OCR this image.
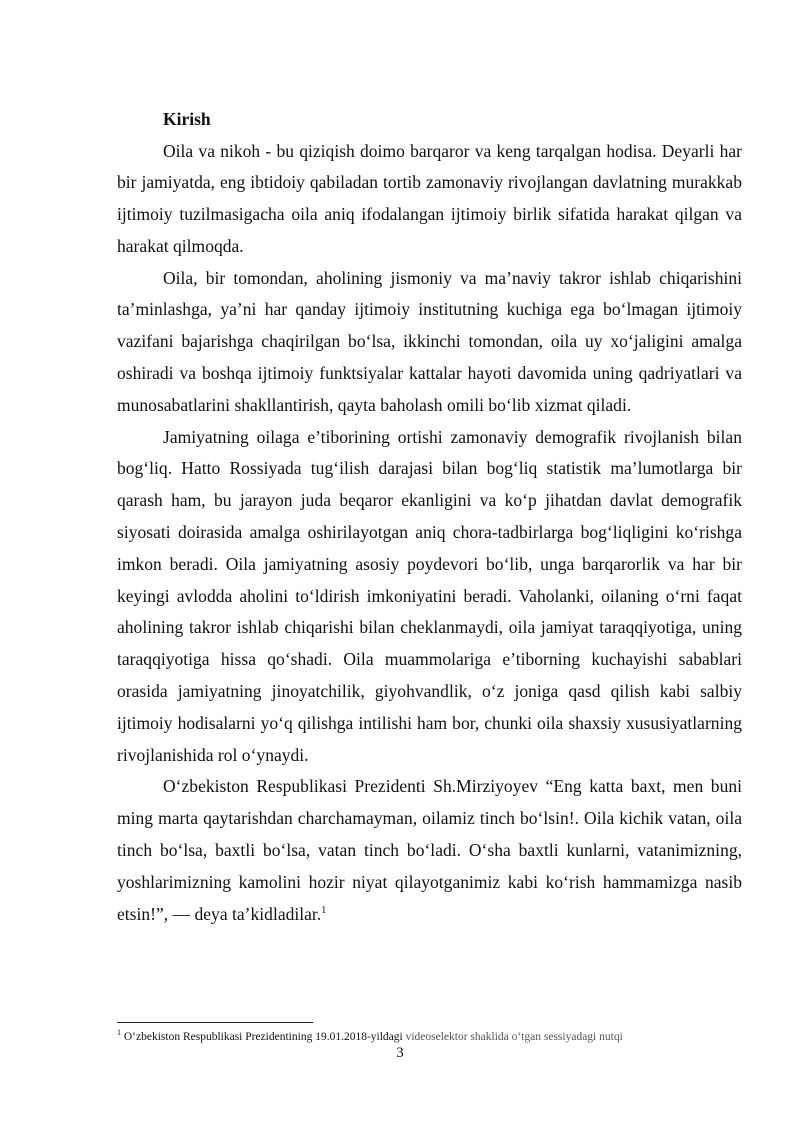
Kirish

Oila va nikoh - bu qiziqish doimo barqaror va keng tarqalgan hodisa. Deyarli har bir jamiyatda, eng ibtidoiy qabiladan tortib zamonaviy rivojlangan davlatning murakkab ijtimoiy tuzilmasigacha oila aniq ifodalangan ijtimoiy birlik sifatida harakat qilgan va harakat qilmoqda.

Oila, bir tomondan, aholining jismoniy va ma’naviy takror ishlab chiqarishini ta’minlashga, ya’ni har qanday ijtimoiy institutning kuchiga ega bo‘lmagan ijtimoiy vazifani bajarishga chaqirilgan bo‘lsa, ikkinchi tomondan, oila uy xo‘jaligini amalga oshiradi va boshqa ijtimoiy funktsiyalar kattalar hayoti davomida uning qadriyatlari va munosabatlarini shakllantirish, qayta baholash omili bo‘lib xizmat qiladi.

Jamiyatning oilaga e’tiborining ortishi zamonaviy demografik rivojlanish bilan bog‘liq. Hatto Rossiyada tug‘ilish darajasi bilan bog‘liq statistik ma’lumotlarga bir qarash ham, bu jarayon juda beqaror ekanligini va ko‘p jihatdan davlat demografik siyosati doirasida amalga oshirilayotgan aniq chora-tadbirlarga bog‘liqligini ko‘rishga imkon beradi. Oila jamiyatning asosiy poydevori bo‘lib, unga barqarorlik va har bir keyingi avlodda aholini to‘ldirish imkoniyatini beradi. Vaholanki, oilaning o‘rni faqat aholining takror ishlab chiqarishi bilan cheklanmaydi, oila jamiyat taraqqiyotiga, uning taraqqiyotiga hissa qo‘shadi. Oila muammolariga e’tiborning kuchayishi sabablari orasida jamiyatning jinoyatchilik, giyohvandlik, o‘z joniga qasd qilish kabi salbiy ijtimoiy hodisalarni yo‘q qilishga intilishi ham bor, chunki oila shaxsiy xususiyatlarning rivojlanishida rol o‘ynaydi.

O‘zbekiston Respublikasi Prezidenti Sh.Mirziyoyev “Eng katta baxt, men buni ming marta qaytarishdan charchamayman, oilamiz tinch bo‘lsin!. Oila kichik vatan, oila tinch bo‘lsa, baxtli bo‘lsa, vatan tinch bo‘ladi. O‘sha baxtli kunlarni, vatanimizning, yoshlarimizning kamolini hozir niyat qilayotganimiz kabi ko‘rish hammamizga nasib etsin!”, — deya ta’kidladilar.$^1$

$^1$ O‘zbekiston Respublikasi Prezidentining 19.01.2018-yildagi videoselektor shaklida o‘tgan sessiyadagi nutqi
3
